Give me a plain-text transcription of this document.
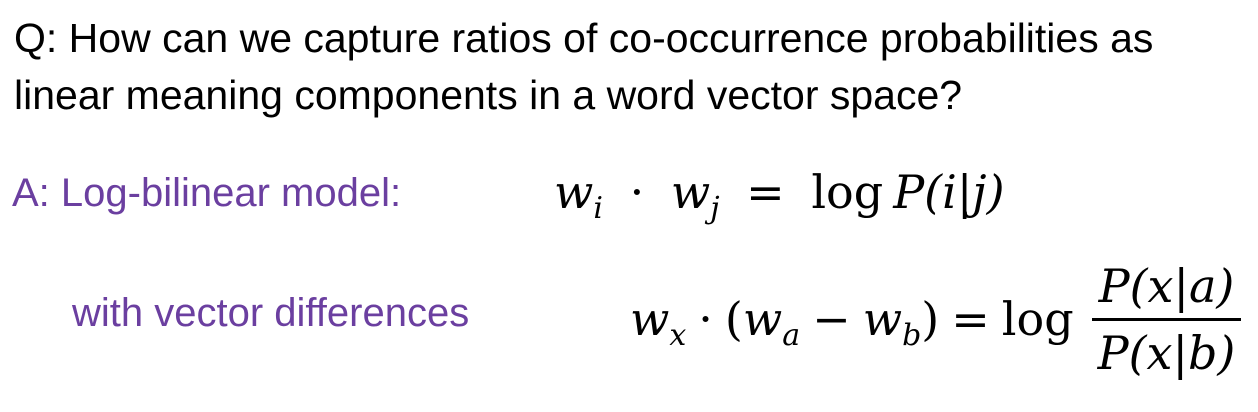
Q: How can we capture ratios of co-occurrence probabilities as linear meaning components in a word vector space?

A: Log-bilinear model:	$w_i \cdot w_j = \log P(i|j)$
with vector differences	$w_x$ · ( $w_a - w_b$ ) = $\log \frac{P(x|a)}{P(x|b)}$
